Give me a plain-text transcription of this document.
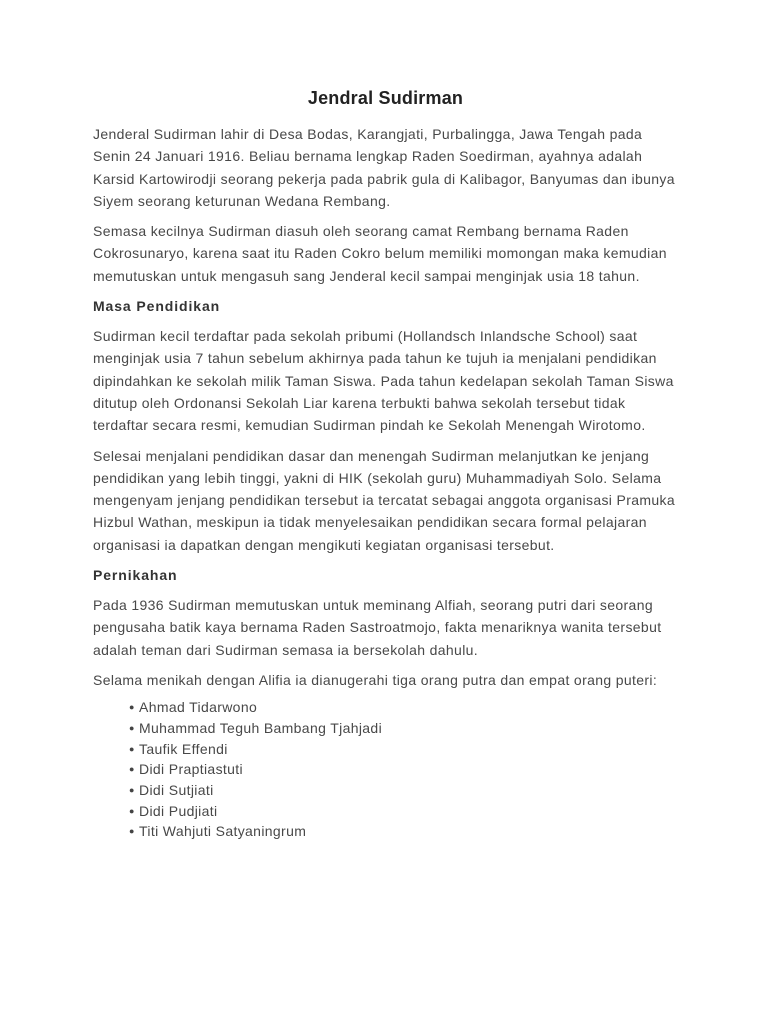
Jendral Sudirman

Jenderal Sudirman lahir di Desa Bodas, Karangjati, Purbalingga, Jawa Tengah pada Senin 24 Januari 1916. Beliau bernama lengkap Raden Soedirman, ayahnya adalah Karsid Kartowirodji seorang pekerja pada pabrik gula di Kalibagor, Banyumas dan ibunya Siyem seorang keturunan Wedana Rembang.

Semasa kecilnya Sudirman diasuh oleh seorang camat Rembang bernama Raden Cokrosunaryo, karena saat itu Raden Cokro belum memiliki momongan maka kemudian memutuskan untuk mengasuh sang Jenderal kecil sampai menginjak usia 18 tahun.

Masa Pendidikan

Sudirman kecil terdaftar pada sekolah pribumi (Hollandsch Inlandsche School) saat menginjak usia 7 tahun sebelum akhirnya pada tahun ke tujuh ia menjalani pendidikan dipindahkan ke sekolah milik Taman Siswa. Pada tahun kedelapan sekolah Taman Siswa ditutup oleh Ordonansi Sekolah Liar karena terbukti bahwa sekolah tersebut tidak terdaftar secara resmi, kemudian Sudirman pindah ke Sekolah Menengah Wirotomo.

Selesai menjalani pendidikan dasar dan menengah Sudirman melanjutkan ke jenjang pendidikan yang lebih tinggi, yakni di HIK (sekolah guru) Muhammadiyah Solo. Selama mengenyam jenjang pendidikan tersebut ia tercatat sebagai anggota organisasi Pramuka Hizbul Wathan, meskipun ia tidak menyelesaikan pendidikan secara formal pelajaran organisasi ia dapatkan dengan mengikuti kegiatan organisasi tersebut.

Pernikahan

Pada 1936 Sudirman memutuskan untuk meminang Alfiah, seorang putri dari seorang pengusaha batik kaya bernama Raden Sastroatmojo, fakta menariknya wanita tersebut adalah teman dari Sudirman semasa ia bersekolah dahulu.

Selama menikah dengan Alifia ia dianugerahi tiga orang putra dan empat orang puteri:

● Ahmad Tidarwono
● Muhammad Teguh Bambang Tjahjadi
● Taufik Effendi
● Didi Praptiastuti
● Didi Sutjiati
● Didi Pudjiati
● Titi Wahjuti Satyaningrum
